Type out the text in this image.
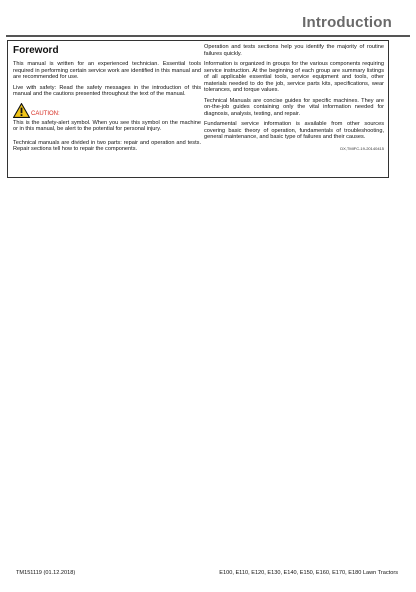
Introduction
Foreword

This manual is written for an experienced technician. Essential tools required in performing certain service work are identified in this manual and are recommended for use.

Live with safety: Read the safety messages in the introduction of this manual and the cautions presented throughout the text of the manual.

CAUTION:

This is the safety-alert symbol. When you see this symbol on the machine or in this manual, be alert to the potential for personal injury.

Technical manuals are divided in two parts: repair and operation and tests. Repair sections tell how to repair the components.

Operation and tests sections help you identify the majority of routine failures quickly.

Information is organized in groups for the various components requiring service instruction. At the beginning of each group are summary listings of all applicable essential tools, service equipment and tools, other materials needed to do the job, service parts kits, specifications, wear tolerances, and torque values.

Technical Manuals are concise guides for specific machines. They are on-the-job guides containing only the vital information needed for diagnosis, analysis, testing, and repair.

Fundamental service information is available from other sources covering basic theory of operation, fundamentals of troubleshooting, general maintenance, and basic type of failures and their causes.

DX,TMIFC-19-20140415
TM151119 (01.12.2018)	E100, E110, E120, E130, E140, E150, E160, E170, E180 Lawn Tractors
